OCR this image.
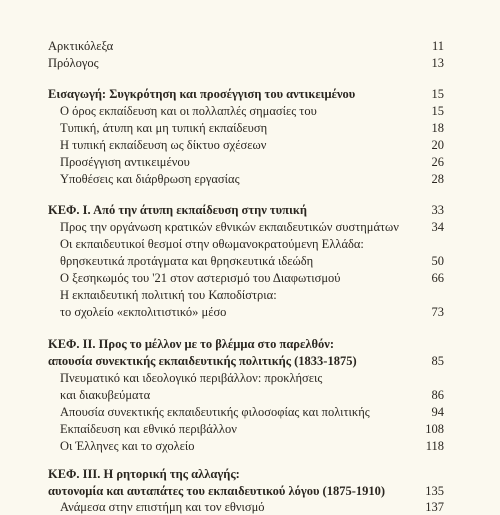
Αρκτικόλεξα	11
Πρόλογος	13
Εισαγωγή: Συγκρότηση και προσέγγιση του αντικειμένου	15
Ο όρος εκπαίδευση και οι πολλαπλές σημασίες του	15
Τυπική, άτυπη και μη τυπική εκπαίδευση	18
Η τυπική εκπαίδευση ως δίκτυο σχέσεων	20
Προσέγγιση αντικειμένου	26
Υποθέσεις και διάρθρωση εργασίας	28
ΚΕΦ. Ι. Από την άτυπη εκπαίδευση στην τυπική	33
Προς την οργάνωση κρατικών εθνικών εκπαιδευτικών συστημάτων	34
Οι εκπαιδευτικοί θεσμοί στην οθωμανοκρατούμενη Ελλάδα:
θρησκευτικά προτάγματα και θρησκευτικά ιδεώδη	50
Ο ξεσηκωμός του '21 στον αστερισμό του Διαφωτισμού	66
Η εκπαιδευτική πολιτική του Καποδίστρια:
το σχολείο «εκπολιτιστικό» μέσο	73
ΚΕΦ. ΙΙ. Προς το μέλλον με το βλέμμα στο παρελθόν:
απουσία συνεκτικής εκπαιδευτικής πολιτικής (1833-1875)	85
Πνευματικό και ιδεολογικό περιβάλλον: προκλήσεις
και διακυβεύματα	86
Απουσία συνεκτικής εκπαιδευτικής φιλοσοφίας και πολιτικής	94
Εκπαίδευση και εθνικό περιβάλλον	108
Οι Έλληνες και το σχολείο	118
ΚΕΦ. ΙΙΙ. Η ρητορική της αλλαγής:
αυτονομία και αυταπάτες του εκπαιδευτικού λόγου (1875-1910)	135
Ανάμεσα στην επιστήμη και τον εθνισμό	137
